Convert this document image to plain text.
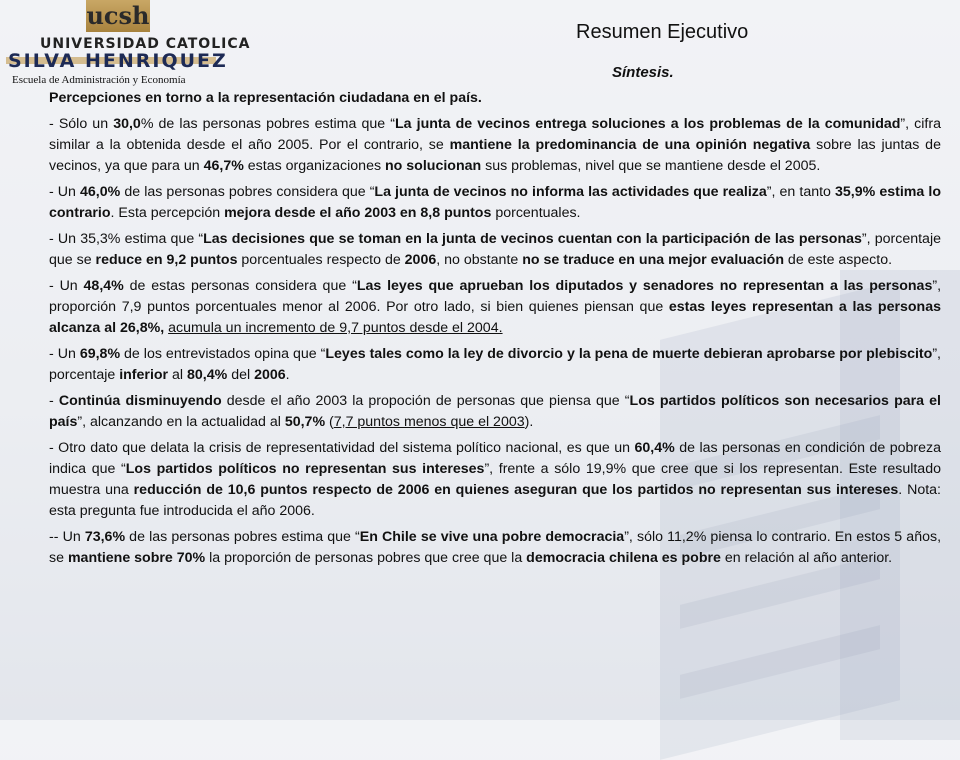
ucsh
UNIVERSIDAD CATOLICA
SILVA HENRIQUEZ
Escuela de Administración y Economía
Resumen Ejecutivo
Síntesis.

Percepciones en torno a la representación ciudadana en el país.

- Sólo un 30,0% de las personas pobres estima que “La junta de vecinos entrega soluciones a los problemas de la comunidad”, cifra similar a la obtenida desde el año 2005. Por el contrario, se mantiene la predominancia de una opinión negativa sobre las juntas de vecinos, ya que para un 46,7% estas organizaciones no solucionan sus problemas, nivel que se mantiene desde el 2005.

- Un 46,0% de las personas pobres considera que “La junta de vecinos no informa las actividades que realiza”, en tanto 35,9% estima lo contrario. Esta percepción mejora desde el año 2003 en 8,8 puntos porcentuales.

- Un 35,3% estima que “Las decisiones que se toman en la junta de vecinos cuentan con la participación de las personas”, porcentaje que se reduce en 9,2 puntos porcentuales respecto de 2006, no obstante no se traduce en una mejor evaluación de este aspecto.

- Un 48,4% de estas personas considera que “Las leyes que aprueban los diputados y senadores no representan a las personas”, proporción 7,9 puntos porcentuales menor al 2006. Por otro lado, si bien quienes piensan que estas leyes representan a las personas alcanza al 26,8%, acumula un incremento de 9,7 puntos desde el 2004.

- Un 69,8% de los entrevistados opina que “Leyes tales como la ley de divorcio y la pena de muerte debieran aprobarse por plebiscito”, porcentaje inferior al 80,4% del 2006.

- Continúa disminuyendo desde el año 2003 la propoción de personas que piensa que “Los partidos políticos son necesarios para el país”, alcanzando en la actualidad al 50,7% (7,7 puntos menos que el 2003).

- Otro dato que delata la crisis de representatividad del sistema político nacional, es que un 60,4% de las personas en condición de pobreza indica que “Los partidos políticos no representan sus intereses”, frente a sólo 19,9% que cree que si los representan. Este resultado muestra una reducción de 10,6 puntos respecto de 2006 en quienes aseguran que los partidos no representan sus intereses. Nota: esta pregunta fue introducida el año 2006.

-- Un 73,6% de las personas pobres estima que “En Chile se vive una pobre democracia”, sólo 11,2% piensa lo contrario. En estos 5 años, se mantiene sobre 70% la proporción de personas pobres que cree que la democracia chilena es pobre en relación al año anterior.
